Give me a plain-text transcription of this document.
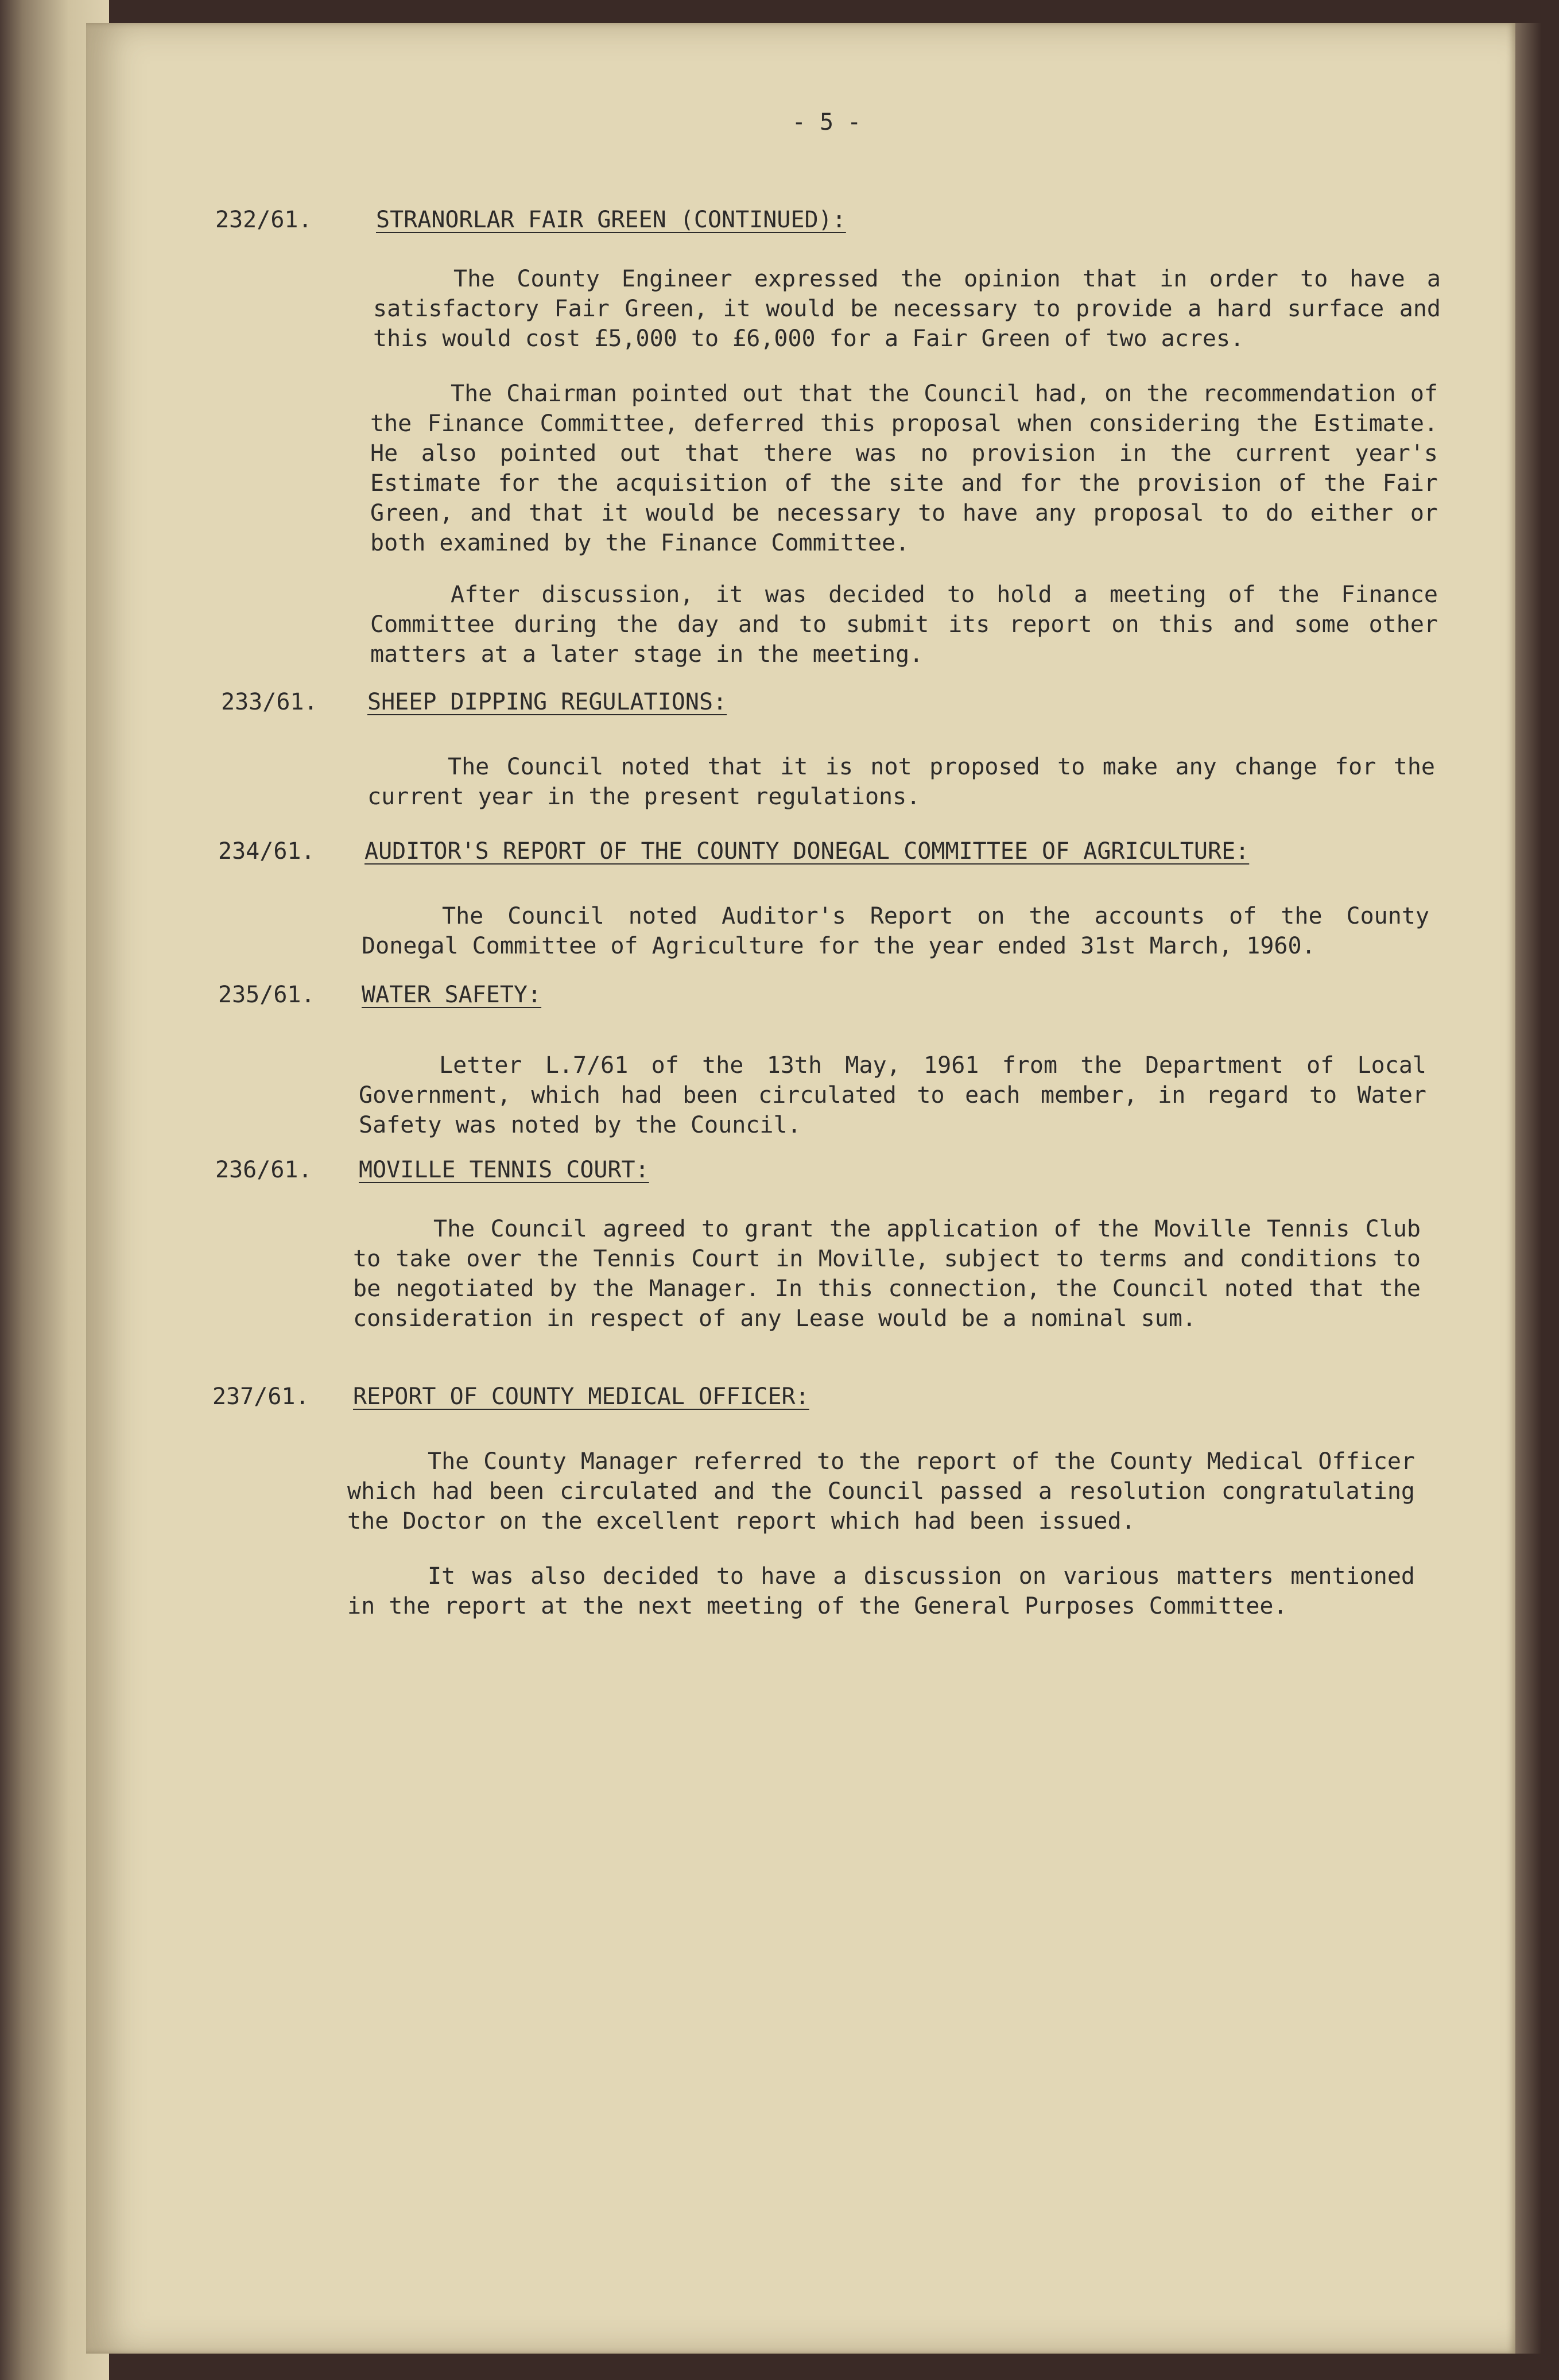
- 5 -
232/61.	STRANORLAR FAIR GREEN (CONTINUED):
The County Engineer expressed the opinion that in order to have a satisfactory Fair Green, it would be necessary to provide a hard surface and this would cost £5,000 to £6,000 for a Fair Green of two acres.
The Chairman pointed out that the Council had, on the recommendation of the Finance Committee, deferred this proposal when considering the Estimate. He also pointed out that there was no provision in the current year's Estimate for the acquisition of the site and for the provision of the Fair Green, and that it would be necessary to have any proposal to do either or both examined by the Finance Committee.
After discussion, it was decided to hold a meeting of the Finance Committee during the day and to submit its report on this and some other matters at a later stage in the meeting.
233/61. SHEEP DIPPING REGULATIONS:
The Council noted that it is not proposed to make any change for the current year in the present regulations.
234/61. AUDITOR'S REPORT OF THE COUNTY DONEGAL COMMITTEE OF AGRICULTURE:
The Council noted Auditor's Report on the accounts of the County Donegal Committee of Agriculture for the year ended 31st March, 1960.
235/61. WATER SAFETY:
Letter L.7/61 of the 13th May, 1961 from the Department of Local Government, which had been circulated to each member, in regard to Water Safety was noted by the Council.
236/61. MOVILLE TENNIS COURT:
The Council agreed to grant the application of the Moville Tennis Club to take over the Tennis Court in Moville, subject to terms and conditions to be negotiated by the Manager. In this connection, the Council noted that the consideration in respect of any Lease would be a nominal sum.
237/61. REPORT OF COUNTY MEDICAL OFFICER:
The County Manager referred to the report of the County Medical Officer which had been circulated and the Council passed a resolution congratulating the Doctor on the excellent report which had been issued.
It was also decided to have a discussion on various matters mentioned in the report at the next meeting of the General Purposes Committee.
